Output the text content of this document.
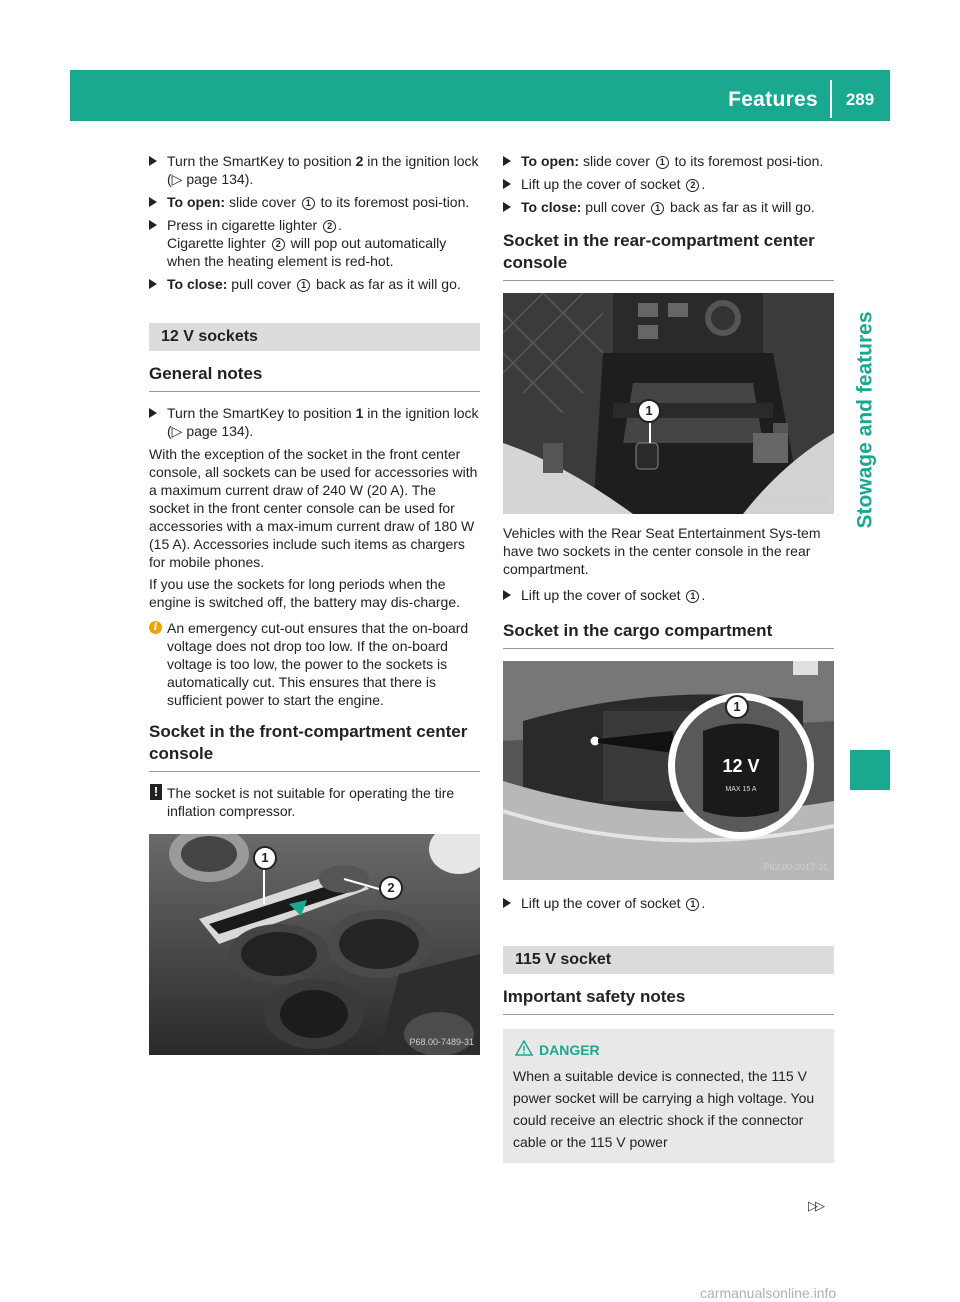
Features	289
Stowage and features
Turn the SmartKey to position 2 in the ignition lock (▷ page 134).
To open: slide cover 1 to its foremost posi-tion.
Press in cigarette lighter 2 .
Cigarette lighter 2 will pop out automatically when the heating element is red-hot.
To close: pull cover 1 back as far as it will go.
12 V sockets
General notes
Turn the SmartKey to position 1 in the ignition lock (▷ page 134).

With the exception of the socket in the front center console, all sockets can be used for accessories with a maximum current draw of 240 W (20 A). The socket in the front center console can be used for accessories with a max-imum current draw of 180 W (15 A). Accessories include such items as chargers for mobile phones.

If you use the sockets for long periods when the engine is switched off, the battery may dis-charge.

i An emergency cut-out ensures that the on-board voltage does not drop too low. If the on-board voltage is too low, the power to the sockets is automatically cut. This ensures that there is sufficient power to start the engine.
Socket in the front-compartment center console
! The socket is not suitable for operating the tire inflation compressor.
1
2
P68.00-7489-31
To open: slide cover 1 to its foremost posi-tion.
Lift up the cover of socket 2 .
To close: pull cover 1 back as far as it will go.
Socket in the rear-compartment center console
1
P54.10-4020-31

Vehicles with the Rear Seat Entertainment Sys-tem have two sockets in the center console in the rear compartment.

Lift up the cover of socket 1 .
Socket in the cargo compartment
1
12 V
MAX 15 A
P82.00-3017-31
Lift up the cover of socket 1 .
115 V socket
Important safety notes
DANGER
When a suitable device is connected, the 115 V power socket will be carrying a high voltage. You could receive an electric shock if the connector cable or the 115 V power
▷▷
carmanualsonline.info
